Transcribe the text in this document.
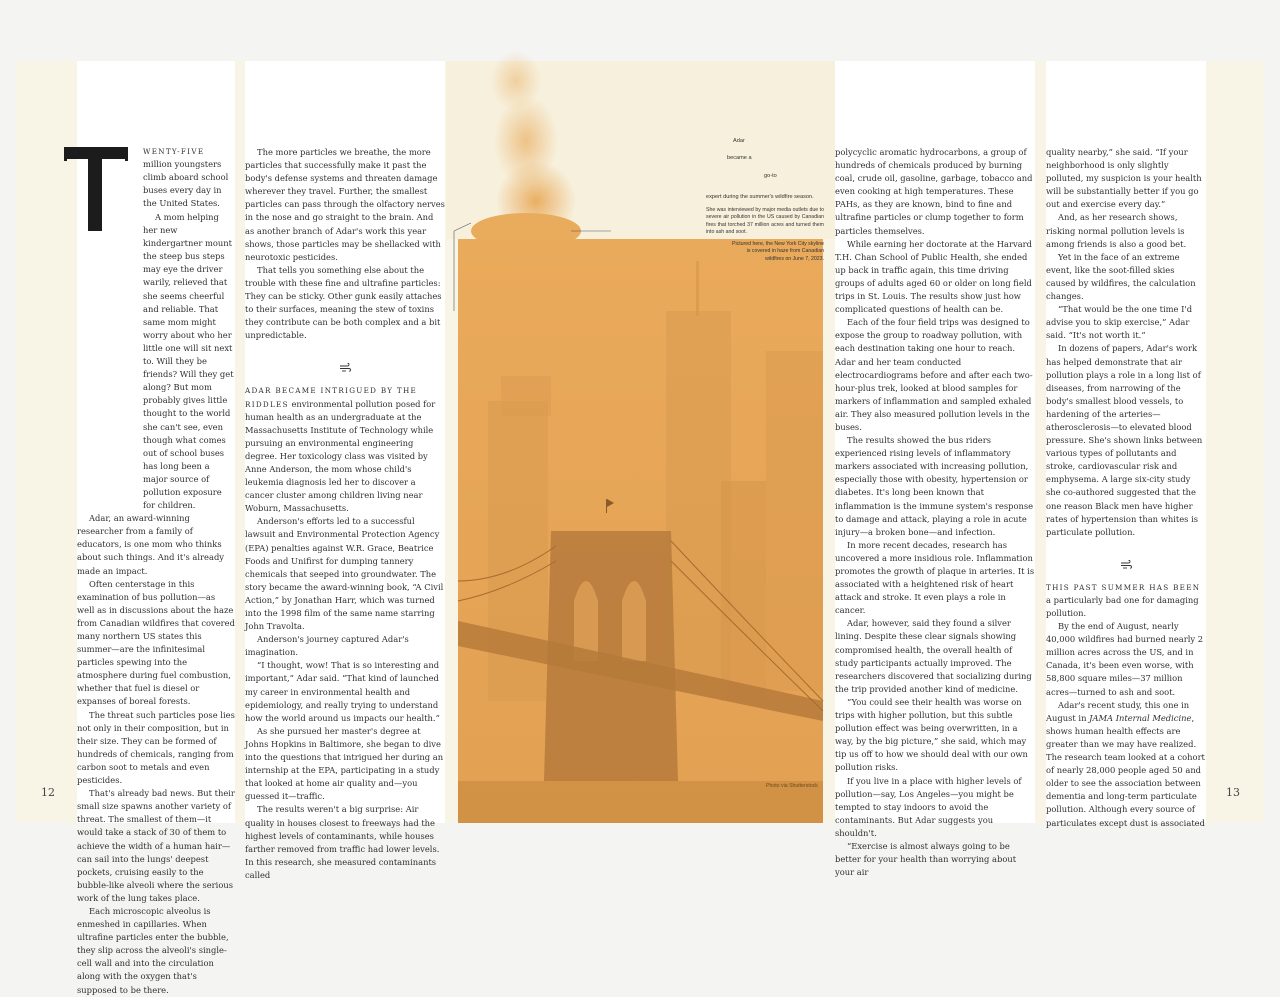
WENTY-FIVE million youngsters climb aboard school buses every day in the United States.

A mom helping her new kindergartner mount the steep bus steps may eye the driver warily, relieved that she seems cheerful and reliable. That same mom might worry about who her little one will sit next to. Will they be friends? Will they get along? But mom probably gives little thought to the world she can't see, even though what comes out of school buses has long been a major source of pollution exposure for children.

Adar, an award-winning researcher from a family of educators, is one mom who thinks about such things. And it's already made an impact.

Often centerstage in this examination of bus pollution—as well as in discussions about the haze from Canadian wildfires that covered many northern US states this summer—are the infinitesimal particles spewing into the atmosphere during fuel combustion, whether that fuel is diesel or expanses of boreal forests.

The threat such particles pose lies not only in their composition, but in their size. They can be formed of hundreds of chemicals, ranging from carbon soot to metals and even pesticides.

That's already bad news. But their small size spawns another variety of threat. The smallest of them—it would take a stack of 30 of them to achieve the width of a human hair—can sail into the lungs' deepest pockets, cruising easily to the bubble-like alveoli where the serious work of the lung takes place.

Each microscopic alveolus is enmeshed in capillaries. When ultrafine particles enter the bubble, they slip across the alveoli's single-cell wall and into the circulation along with the oxygen that's supposed to be there.

The more particles we breathe, the more particles that successfully make it past the body's defense systems and threaten damage wherever they travel. Further, the smallest particles can pass through the olfactory nerves in the nose and go straight to the brain. And as another branch of Adar's work this year shows, those particles may be shellacked with neurotoxic pesticides.

That tells you something else about the trouble with these fine and ultrafine particles: They can be sticky. Other gunk easily attaches to their surfaces, meaning the stew of toxins they contribute can be both complex and a bit unpredictable.

ADAR BECAME INTRIGUED BY THE RIDDLES environmental pollution posed for human health as an undergraduate at the Massachusetts Institute of Technology while pursuing an environmental engineering degree. Her toxicology class was visited by Anne Anderson, the mom whose child's leukemia diagnosis led her to discover a cancer cluster among children living near Woburn, Massachusetts.

Anderson's efforts led to a successful lawsuit and Environmental Protection Agency (EPA) penalties against W.R. Grace, Beatrice Foods and Unifirst for dumping tannery chemicals that seeped into groundwater. The story became the award-winning book, “A Civil Action,” by Jonathan Harr, which was turned into the 1998 film of the same name starring John Travolta.

Anderson's journey captured Adar's imagination.

“I thought, wow! That is so interesting and important,” Adar said. “That kind of launched my career in environmental health and epidemiology, and really trying to understand how the world around us impacts our health.”

As she pursued her master's degree at Johns Hopkins in Baltimore, she began to dive into the questions that intrigued her during an internship at the EPA, participating in a study that looked at home air quality and—you guessed it—traffic.

The results weren't a big surprise: Air quality in houses closest to freeways had the highest levels of contaminants, while houses farther removed from traffic had lower levels. In this research, she measured contaminants called

Adar
became a
go-to
expert during the summer's wildfire season.
She was interviewed by major media outlets due to severe air pollution in the US caused by Canadian fires that torched 37 million acres and turned them into ash and soot.
Pictured here, the New York City skyline is covered in haze from Canadian wildfires on June 7, 2023.
Photo via Shutterstock

polycyclic aromatic hydrocarbons, a group of hundreds of chemicals produced by burning coal, crude oil, gasoline, garbage, tobacco and even cooking at high temperatures. These PAHs, as they are known, bind to fine and ultrafine particles or clump together to form particles themselves.

While earning her doctorate at the Harvard T.H. Chan School of Public Health, she ended up back in traffic again, this time driving groups of adults aged 60 or older on long field trips in St. Louis. The results show just how complicated questions of health can be.

Each of the four field trips was designed to expose the group to roadway pollution, with each destination taking one hour to reach. Adar and her team conducted electrocardiograms before and after each two-hour-plus trek, looked at blood samples for markers of inflammation and sampled exhaled air. They also measured pollution levels in the buses.

The results showed the bus riders experienced rising levels of inflammatory markers associated with increasing pollution, especially those with obesity, hypertension or diabetes. It's long been known that inflammation is the immune system's response to damage and attack, playing a role in acute injury—a broken bone—and infection.

In more recent decades, research has uncovered a more insidious role. Inflammation promotes the growth of plaque in arteries. It is associated with a heightened risk of heart attack and stroke. It even plays a role in cancer.

Adar, however, said they found a silver lining. Despite these clear signals showing compromised health, the overall health of study participants actually improved. The researchers discovered that socializing during the trip provided another kind of medicine.

“You could see their health was worse on trips with higher pollution, but this subtle pollution effect was being overwritten, in a way, by the big picture,” she said, which may tip us off to how we should deal with our own pollution risks.

If you live in a place with higher levels of pollution—say, Los Angeles—you might be tempted to stay indoors to avoid the contaminants. But Adar suggests you shouldn't.

“Exercise is almost always going to be better for your health than worrying about your air

quality nearby,” she said. “If your neighborhood is only slightly polluted, my suspicion is your health will be substantially better if you go out and exercise every day.”

And, as her research shows, risking normal pollution levels is among friends is also a good bet.

Yet in the face of an extreme event, like the soot-filled skies caused by wildfires, the calculation changes.

“That would be the one time I'd advise you to skip exercise,” Adar said. “It's not worth it.”

In dozens of papers, Adar's work has helped demonstrate that air pollution plays a role in a long list of diseases, from narrowing of the body's smallest blood vessels, to hardening of the arteries—atherosclerosis—to elevated blood pressure. She's shown links between various types of pollutants and stroke, cardiovascular risk and emphysema. A large six-city study she co-authored suggested that the one reason Black men have higher rates of hypertension than whites is particulate pollution.

THIS PAST SUMMER HAS BEEN a particularly bad one for damaging pollution.

By the end of August, nearly 40,000 wildfires had burned nearly 2 million acres across the US, and in Canada, it's been even worse, with 58,800 square miles—37 million acres—turned to ash and soot.

Adar's recent study, this one in August in JAMA Internal Medicine, shows human health effects are greater than we may have realized. The research team looked at a cohort of nearly 28,000 people aged 50 and older to see the association between dementia and long-term particulate pollution. Although every source of particulates except dust is associated

12	13
